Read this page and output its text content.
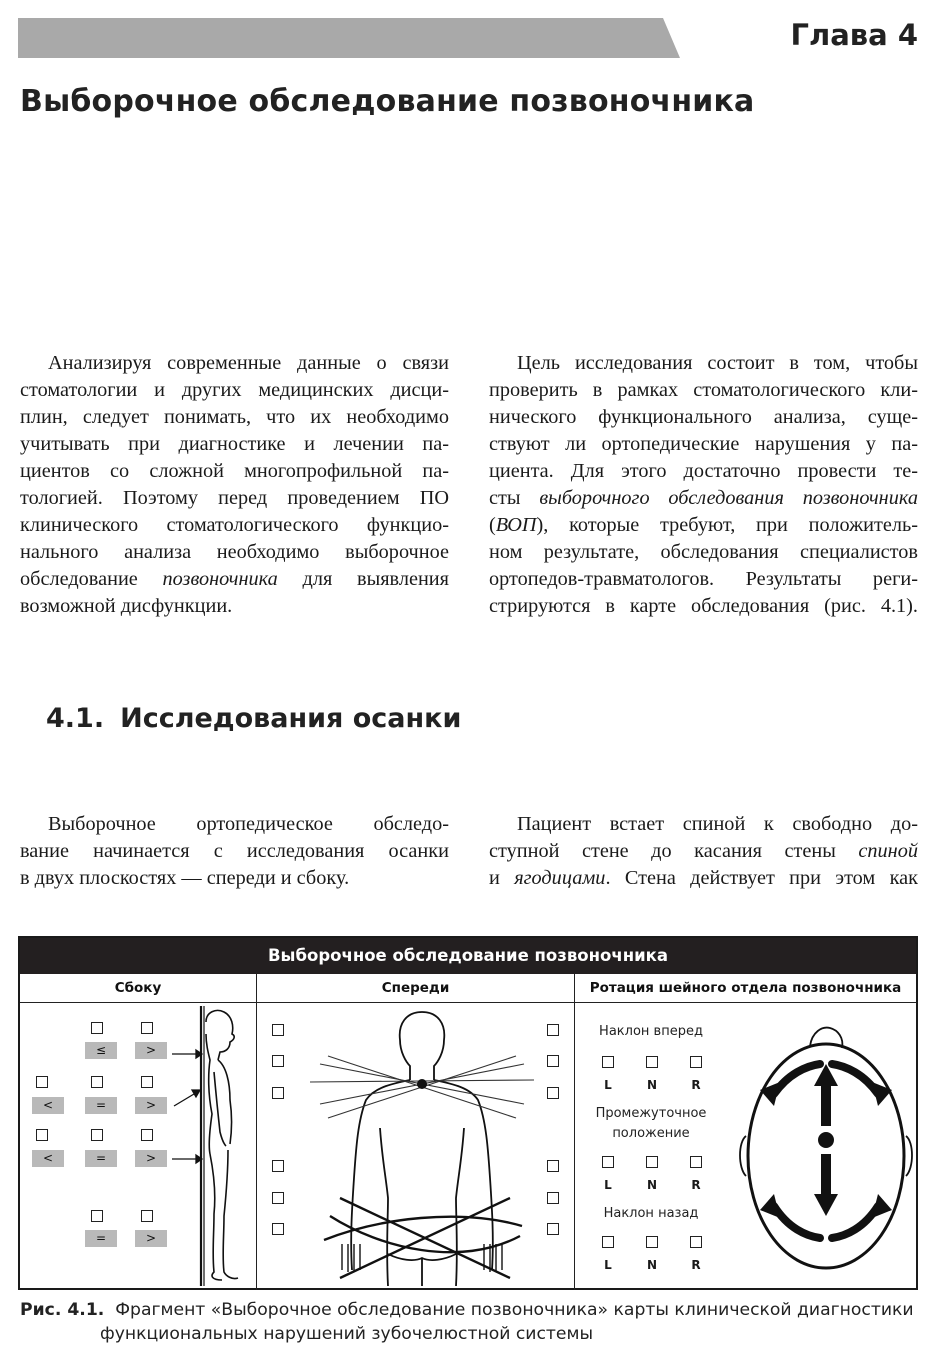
Глава 4
Выборочное обследование позвоночника
Анализируя современные данные о связи
стоматологии и других медицинских дисци-
плин, следует понимать, что их необходимо
учитывать при диагностике и лечении па-
циентов со сложной многопрофильной па-
тологией. Поэтому перед проведением ПО
клинического стоматологического функцио-
нального анализа необходимо выборочное
обследование позвоночника для выявления
возможной дисфункции.
Цель исследования состоит в том, чтобы
проверить в рамках стоматологического кли-
нического функционального анализа, суще-
ствуют ли ортопедические нарушения у па-
циента. Для этого достаточно провести те-
сты выборочного обследования позвоночника
(ВОП), которые требуют, при положитель-
ном результате, обследования специалистов
ортопедов-травматологов. Результаты реги-
стрируются в карте обследования (рис. 4.1).
4.1. Исследования осанки
Выборочное ортопедическое обследо-
вание начинается с исследования осанки
в двух плоскостях — спереди и сбоку.
Пациент встает спиной к свободно до-
ступной стене до касания стены спиной
и ягодицами. Стена действует при этом как
Выборочное обследование позвоночника
Сбоку	Спереди	Ротация шейного отдела позвоночника
≤	>
<	=	>
<	=	>
=	>
Наклон вперед
L	N	R
Промежуточное
положение
L	N	R
Наклон назад
L	N	R
Рис. 4.1. Фрагмент «Выборочное обследование позвоночника» карты клинической диагностики
функциональных нарушений зубочелюстной системы
